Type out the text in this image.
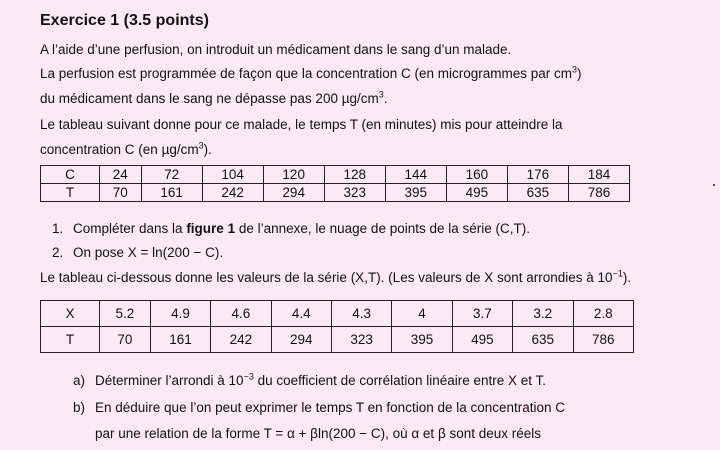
Exercice 1 (3.5 points)
A l’aide d’une perfusion, on introduit un médicament dans le sang d’un malade.
La perfusion est programmée de façon que la concentration C (en microgrammes par $cm^3$)
du médicament dans le sang ne dépasse pas 200 $\mu g/cm^3$.
Le tableau suivant donne pour ce malade, le temps T (en minutes) mis pour atteindre la
concentration C (en $\mu g/cm^3$).
C	24	72	104	120	128	144	160	176	184
T	70	161	242	294	323	395	495	635	786
1. Compléter dans la figure 1 de l’annexe, le nuage de points de la série (C,T).
2. On pose X = ln(200 − C).
Le tableau ci-dessous donne les valeurs de la série (X,T). (Les valeurs de X sont arrondies à $10^{-1}$).
X	5.2	4.9	4.6	4.4	4.3	4	3.7	3.2	2.8
T	70	161	242	294	323	395	495	635	786
a) Déterminer l’arrondi à $10^{-3}$ du coefficient de corrélation linéaire entre X et T.
b) En déduire que l’on peut exprimer le temps T en fonction de la concentration C
par une relation de la forme T = α + βln(200 − C), où α et β sont deux réels
